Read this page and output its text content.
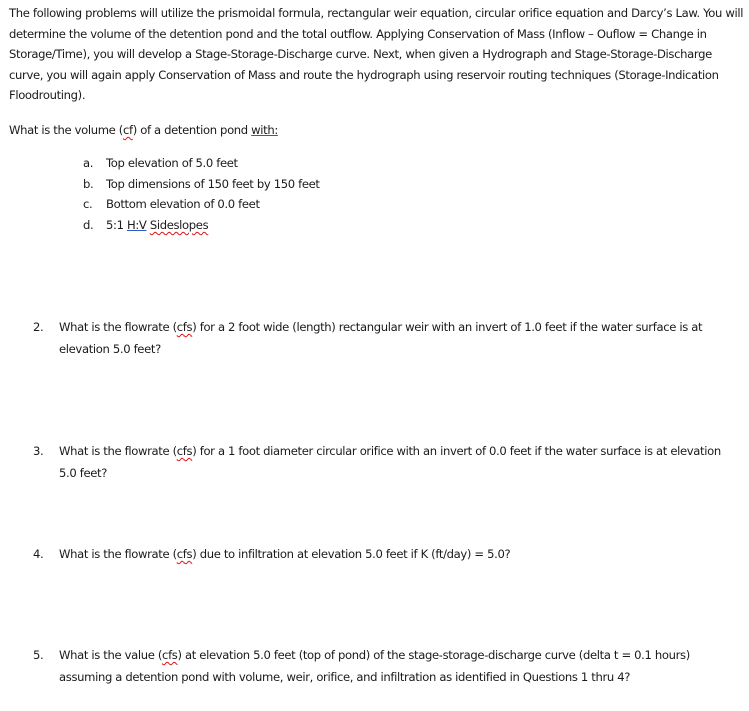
The following problems will utilize the prismoidal formula, rectangular weir equation, circular orifice equation and Darcy’s Law. You will determine the volume of the detention pond and the total outflow. Applying Conservation of Mass (Inflow – Ouflow = Change in Storage/Time), you will develop a Stage-Storage-Discharge curve. Next, when given a Hydrograph and Stage-Storage-Discharge curve, you will again apply Conservation of Mass and route the hydrograph using reservoir routing techniques (Storage-Indication Floodrouting).
What is the volume (cf) of a detention pond with:
a.	Top elevation of 5.0 feet
b.	Top dimensions of 150 feet by 150 feet
c.	Bottom elevation of 0.0 feet
d.	5:1 H:V Sideslopes
2. What is the flowrate (cfs) for a 2 foot wide (length) rectangular weir with an invert of 1.0 feet if the water surface is at elevation 5.0 feet?
3. What is the flowrate (cfs) for a 1 foot diameter circular orifice with an invert of 0.0 feet if the water surface is at elevation 5.0 feet?
4. What is the flowrate (cfs) due to infiltration at elevation 5.0 feet if K (ft/day) = 5.0?
5. What is the value (cfs) at elevation 5.0 feet (top of pond) of the stage-storage-discharge curve (delta t = 0.1 hours) assuming a detention pond with volume, weir, orifice, and infiltration as identified in Questions 1 thru 4?
